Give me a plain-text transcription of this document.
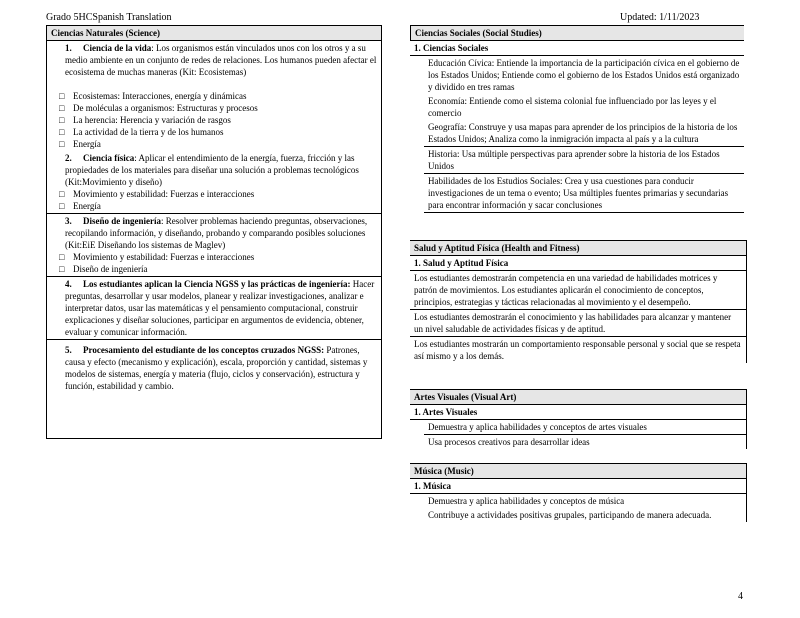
Grado 5HCSpanish Translation	Updated: 1/11/2023
Ciencias Naturales (Science)

1. Ciencia de la vida: Los organismos están vinculados unos con los otros y a su medio ambiente en un conjunto de redes de relaciones. Los humanos pueden afectar el ecosistema de muchas maneras (Kit: Ecosistemas)

□ Ecosistemas: Interacciones, energía y dinámicas

□ De moléculas a organismos: Estructuras y procesos

□ La herencia: Herencia y variación de rasgos

□ La actividad de la tierra y de los humanos

□ Energía

2. Ciencia física: Aplicar el entendimiento de la energía, fuerza, fricción y las propiedades de los materiales para diseñar una solución a problemas tecnológicos (Kit:Movimiento y diseño)

□ Movimiento y estabilidad: Fuerzas e interacciones

□ Energía

3. Diseño de ingeniería: Resolver problemas haciendo preguntas, observaciones, recopilando información, y diseñando, probando y comparando posibles soluciones (Kit:EiE Diseñando los sistemas de Maglev)

□ Movimiento y estabilidad: Fuerzas e interacciones

□ Diseño de ingeniería

4. Los estudiantes aplican la Ciencia NGSS y las prácticas de ingeniería: Hacer preguntas, desarrollar y usar modelos, planear y realizar investigaciones, analizar e interpretar datos, usar las matemáticas y el pensamiento computacional, construir explicaciones y diseñar soluciones, participar en argumentos de evidencia, obtener, evaluar y comunicar información.

5. Procesamiento del estudiante de los conceptos cruzados NGSS: Patrones, causa y efecto (mecanismo y explicación), escala, proporción y cantidad, sistemas y modelos de sistemas, energía y materia (flujo, ciclos y conservación), estructura y función, estabilidad y cambio.

Ciencias Sociales (Social Studies)
1. Ciencias Sociales
Educación Cívica: Entiende la importancia de la participación cívica en el gobierno de los Estados Unidos; Entiende como el gobierno de los Estados Unidos está organizado y dividido en tres ramas
Economía: Entiende como el sistema colonial fue influenciado por las leyes y el comercio
Geografía: Construye y usa mapas para aprender de los principios de la historia de los Estados Unidos; Analiza como la inmigración impacta al país y a la cultura
Historia: Usa múltiple perspectivas para aprender sobre la historia de los Estados Unidos
Habilidades de los Estudios Sociales: Crea y usa cuestiones para conducir investigaciones de un tema o evento; Usa múltiples fuentes primarias y secundarias para encontrar información y sacar conclusiones
Salud y Aptitud Física (Health and Fitness)
1. Salud y Aptitud Física
Los estudiantes demostrarán competencia en una variedad de habilidades motrices y patrón de movimientos. Los estudiantes aplicarán el conocimiento de conceptos, principios, estrategias y tácticas relacionadas al movimiento y el desempeño.
Los estudiantes demostrarán el conocimiento y las habilidades para alcanzar y mantener un nivel saludable de actividades físicas y de aptitud.
Los estudiantes mostrarán un comportamiento responsable personal y social que se respeta así mismo y a los demás.
Artes Visuales (Visual Art)
1. Artes Visuales
Demuestra y aplica habilidades y conceptos de artes visuales
Usa procesos creativos para desarrollar ideas
Música (Music)
1. Música
Demuestra y aplica habilidades y conceptos de música
Contribuye a actividades positivas grupales, participando de manera adecuada.
4
